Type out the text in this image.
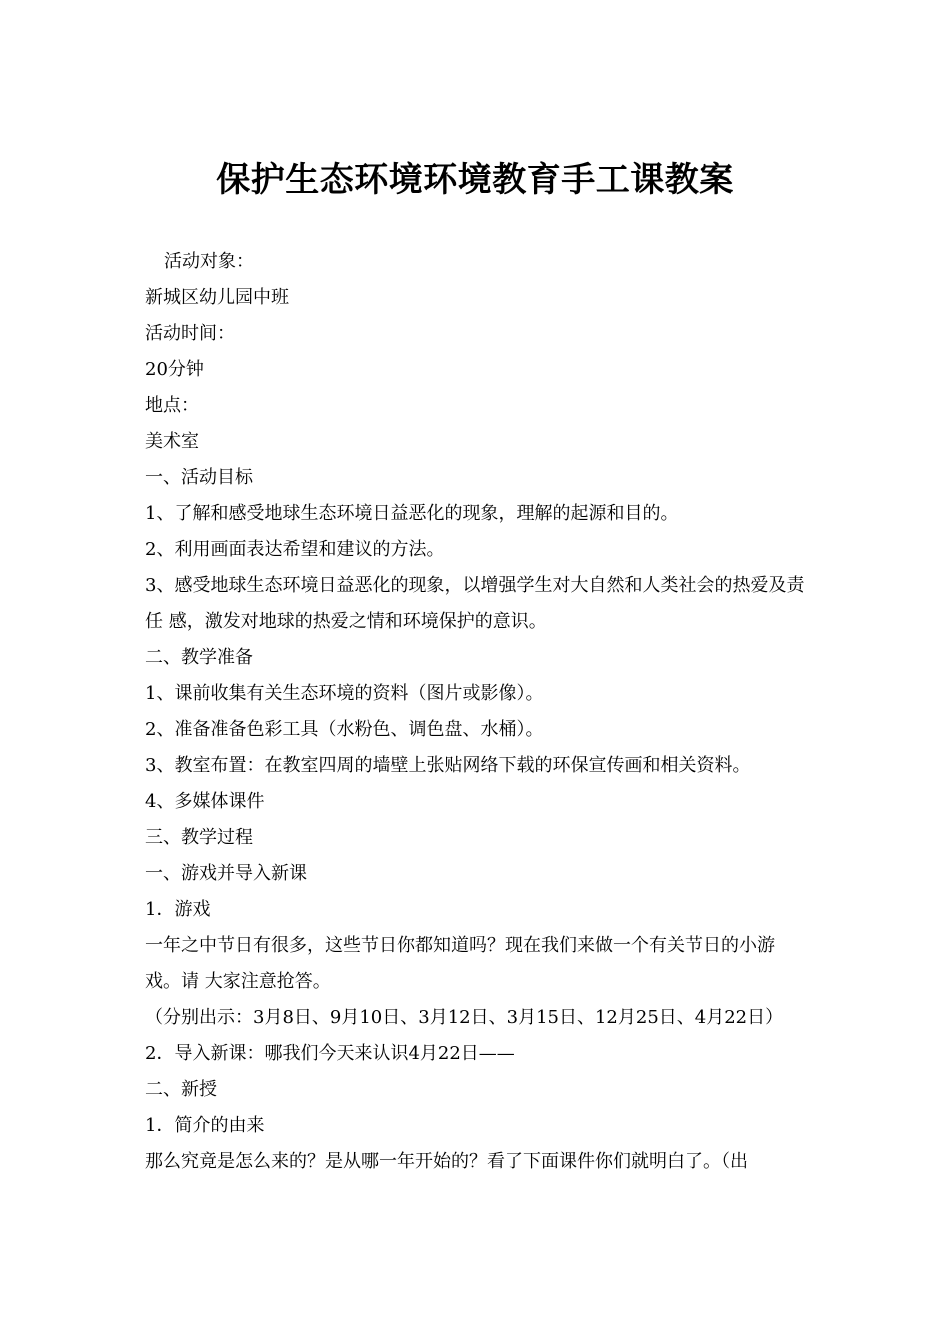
保护生态环境环境教育手工课教案

活动对象：

新城区幼儿园中班

活动时间：

20分钟

地点：

美术室

一、活动目标

1、了解和感受地球生态环境日益恶化的现象，理解的起源和目的。

2、利用画面表达希望和建议的方法。

3、感受地球生态环境日益恶化的现象，以增强学生对大自然和人类社会的热爱及责任 感，激发对地球的热爱之情和环境保护的意识。

二、教学准备

1、课前收集有关生态环境的资料（图片或影像）。

2、准备准备色彩工具（水粉色、调色盘、水桶）。

3、教室布置：在教室四周的墙壁上张贴网络下载的环保宣传画和相关资料。

4、多媒体课件

三、教学过程

一、游戏并导入新课

1．游戏

一年之中节日有很多，这些节日你都知道吗？现在我们来做一个有关节日的小游戏。请 大家注意抢答。

（分别出示：3月8日、9月10日、3月12日、3月15日、12月25日、4月22日）

2．导入新课：哪我们今天来认识4月22日——

二、新授

1．简介的由来

那么究竟是怎么来的？是从哪一年开始的？看了下面课件你们就明白了。（出
